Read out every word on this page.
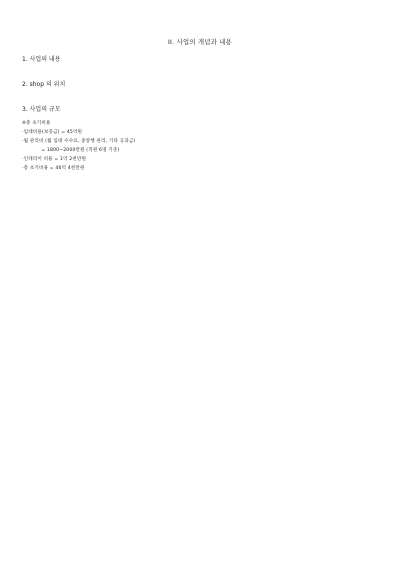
II. 사업의 개념과 내용
1. 사업의 내용

2. shop 의 위치

3. 사업의 규모

※총 초기비용
·임대비용(보증금) = 45억원
·월 관리비 (월 임대 수수료, 중앙행 관리, 기타 공과금)
= 1800~2000만원 (직원 6명 기준)
·인테리어 비용 = 1억 2천만원
·총 초기비용 = 46억 4천만원
